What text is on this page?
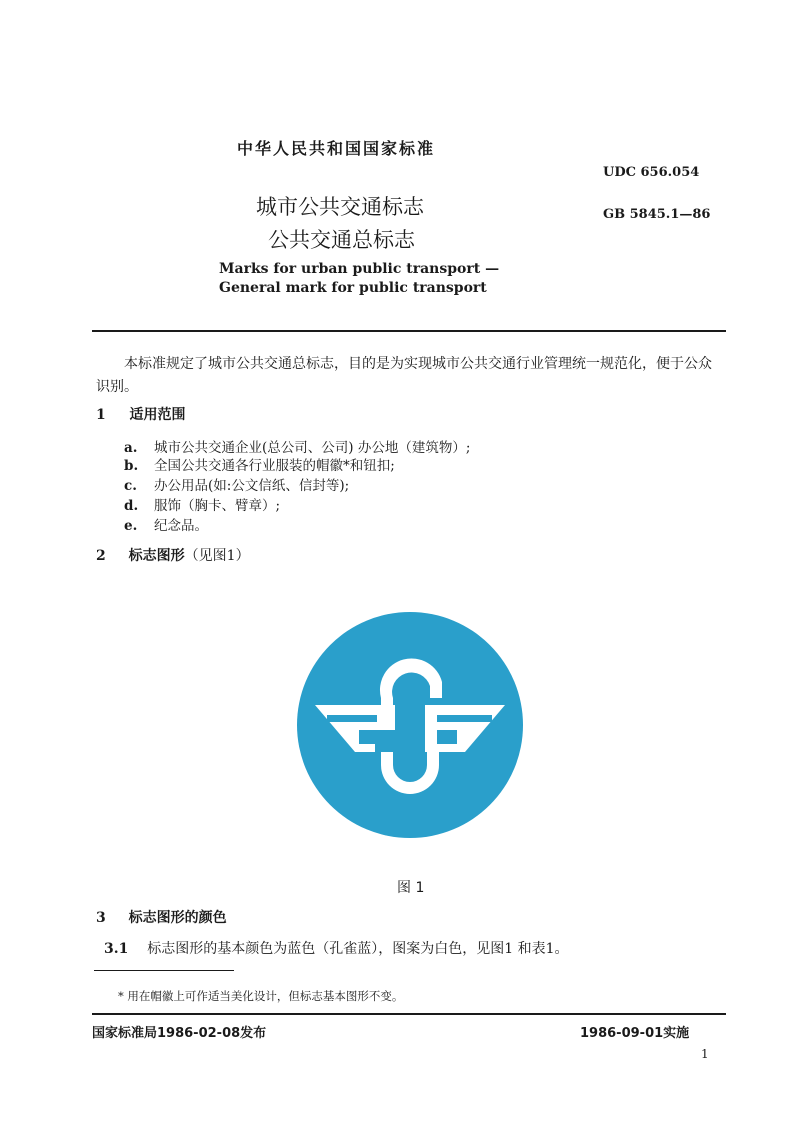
中华人民共和国国家标准
UDC 656.054
GB 5845.1—86
城市公共交通标志
公共交通总标志
Marks for urban public transport —
General mark for public transport
本标准规定了城市公共交通总标志，目的是为实现城市公共交通行业管理统一规范化，便于公众识别。
1 适用范围
a. 城市公共交通企业(总公司、公司) 办公地（建筑物）;
b. 全国公共交通各行业服装的帽徽*和钮扣;
c. 办公用品(如:公文信纸、信封等);
d. 服饰（胸卡、臂章）;
e. 纪念品。
2 标志图形（见图1）
图 1
3 标志图形的颜色
3.1 标志图形的基本颜色为蓝色（孔雀蓝），图案为白色，见图1 和表1。
* 用在帽徽上可作适当美化设计，但标志基本图形不变。
国家标准局1986-02-08发布	1986-09-01实施
1
